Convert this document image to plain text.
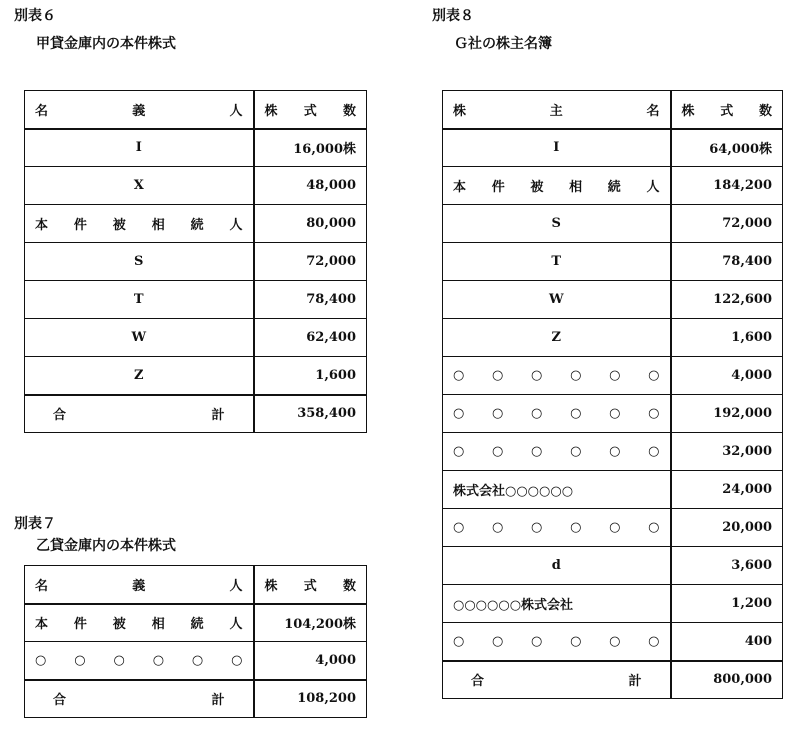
別表６
甲貸金庫内の本件株式
名　　義　　人	株　式　数
I	16,000株
X	48,000
本件被相続人	80,000
S	72,000
T	78,400
W	62,400
Z	1,600
合　　　　　計	358,400
別表７
乙貸金庫内の本件株式
名　　義　　人	株　式　数
本件被相続人	104,200株
○○○○○○	4,000
合　　　　　計	108,200
別表８
Ｇ社の株主名簿
株　　主　　名	株　式　数
I	64,000株
本件被相続人	184,200
S	72,000
T	78,400
W	122,600
Z	1,600
○○○○○○	4,000
○○○○○○	192,000
○○○○○○	32,000
株式会社○○○○○○	24,000
○○○○○○	20,000
d	3,600
○○○○○○株式会社	1,200
○○○○○○	400
合　　　　　計	800,000
